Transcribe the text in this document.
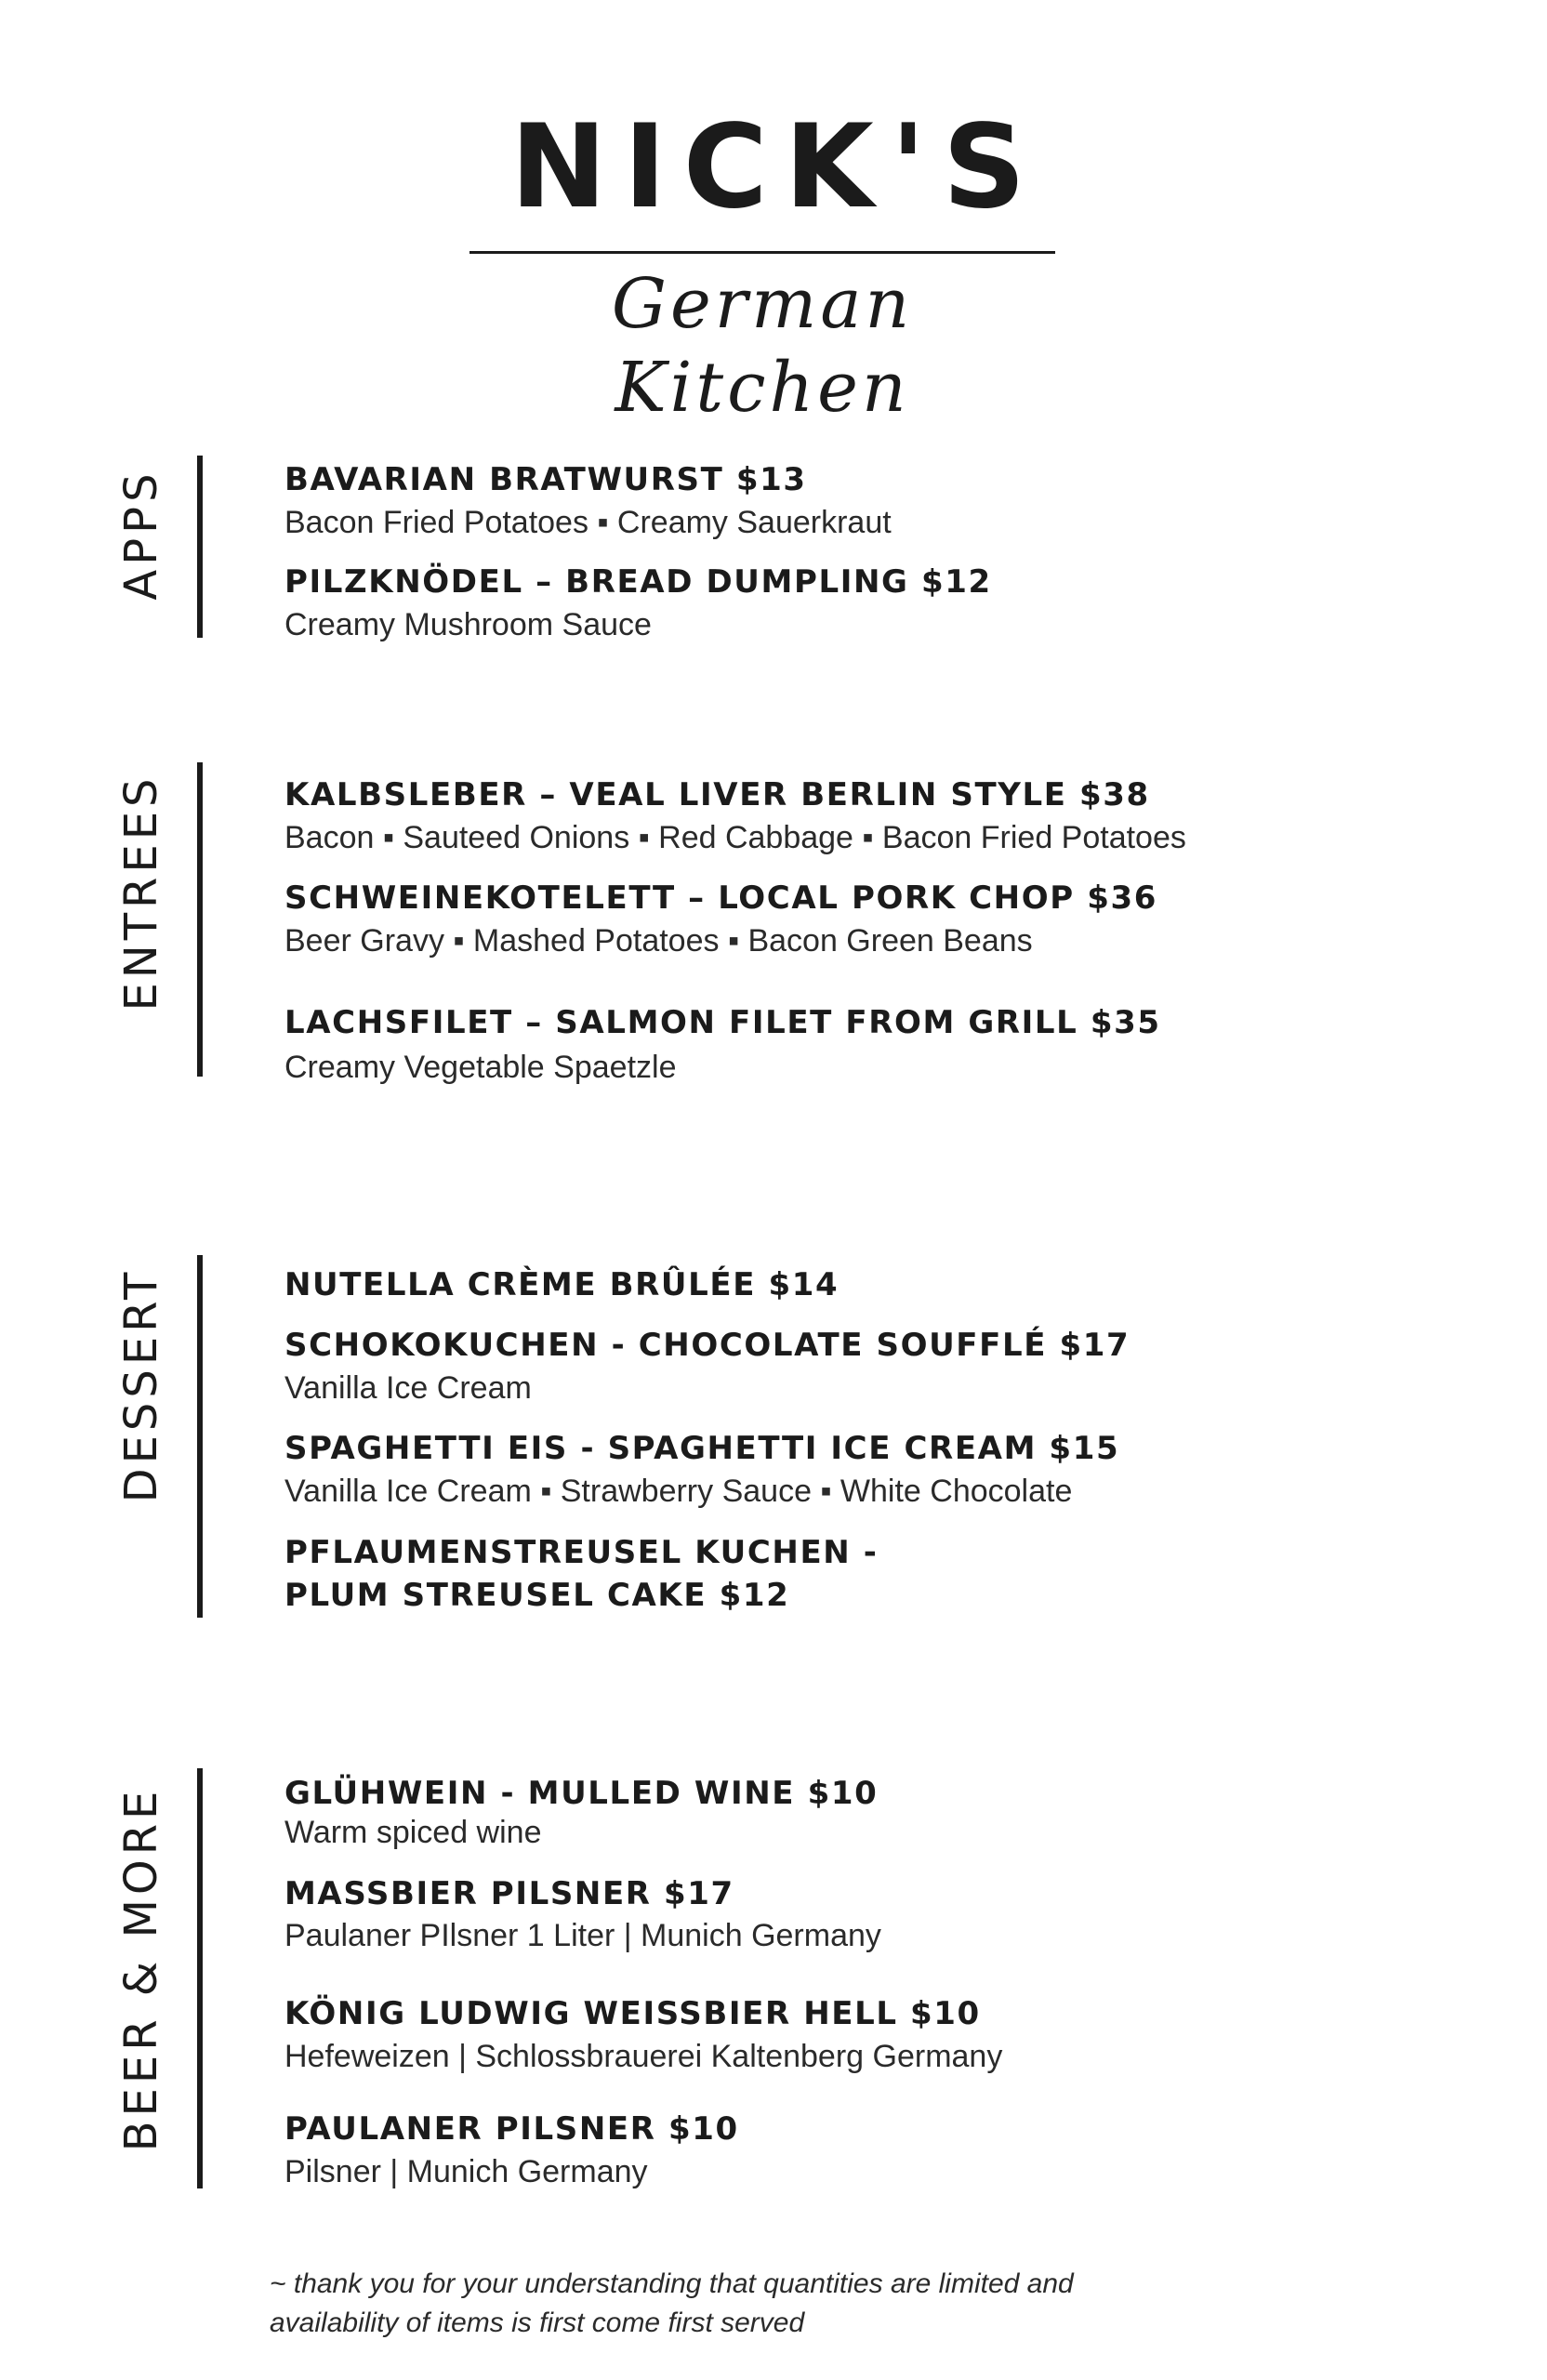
NICK'S
German Kitchen
APPS	BAVARIAN BRATWURST $13
Bacon Fried Potatoes ▪ Creamy Sauerkraut
PILZKNÖDEL – BREAD DUMPLING $12
Creamy Mushroom Sauce
ENTREES	KALBSLEBER – VEAL LIVER BERLIN STYLE $38
Bacon ▪ Sauteed Onions ▪ Red Cabbage ▪ Bacon Fried Potatoes
SCHWEINEKOTELETT – LOCAL PORK CHOP $36
Beer Gravy ▪ Mashed Potatoes ▪ Bacon Green Beans
LACHSFILET – SALMON FILET FROM GRILL $35
Creamy Vegetable Spaetzle
DESSERT	NUTELLA CRÈME BRÛLÉE $14
SCHOKOKUCHEN - CHOCOLATE SOUFFLÉ $17
Vanilla Ice Cream
SPAGHETTI EIS - SPAGHETTI ICE CREAM $15
Vanilla Ice Cream ▪ Strawberry Sauce ▪ White Chocolate
PFLAUMENSTREUSEL KUCHEN -
PLUM STREUSEL CAKE $12
BEER & MORE	GLÜHWEIN - MULLED WINE $10
Warm spiced wine
MASSBIER PILSNER $17
Paulaner PIlsner 1 Liter | Munich Germany
KÖNIG LUDWIG WEISSBIER HELL $10
Hefeweizen | Schlossbrauerei Kaltenberg Germany
PAULANER PILSNER $10
Pilsner | Munich Germany
~ thank you for your understanding that quantities are limited and
availability of items is first come first served
